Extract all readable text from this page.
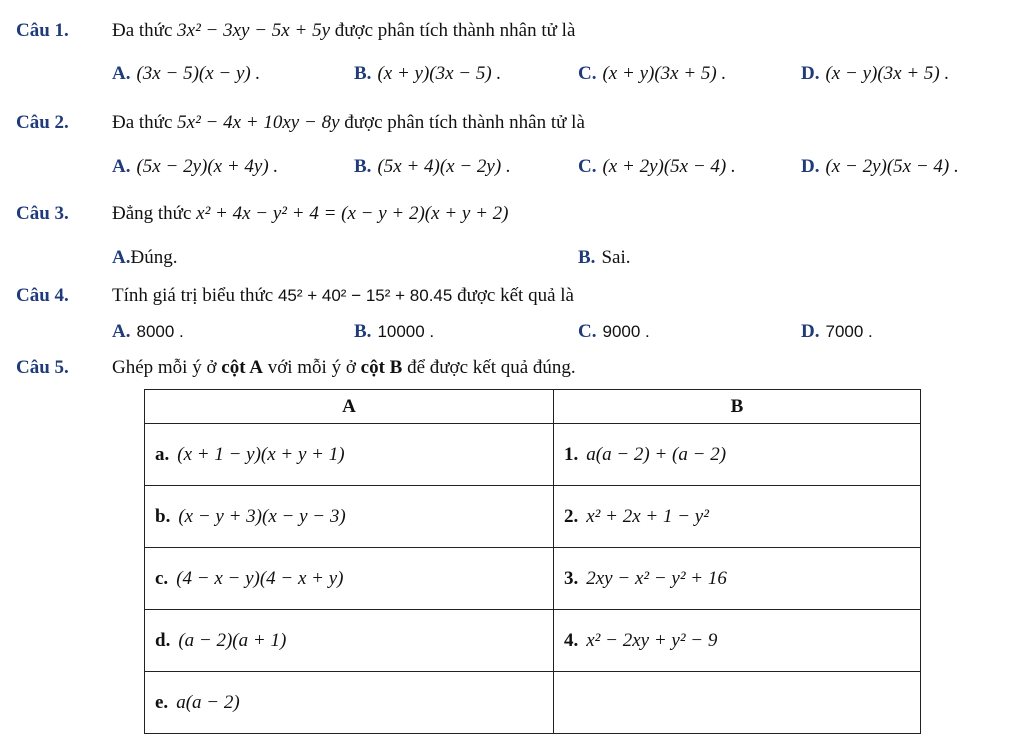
Câu 1. Đa thức 3x² − 3xy − 5x + 5y được phân tích thành nhân tử là
A. (3x − 5)(x − y) .	B. (x + y)(3x − 5) .	C. (x + y)(3x + 5) .	D. (x − y)(3x + 5) .
Câu 2. Đa thức 5x² − 4x + 10xy − 8y được phân tích thành nhân tử là
A. (5x − 2y)(x + 4y) .	B. (5x + 4)(x − 2y) .	C. (x + 2y)(5x − 4) .	D. (x − 2y)(5x − 4) .
Câu 3. Đẳng thức x² + 4x − y² + 4 = (x − y + 2)(x + y + 2)
A.Đúng.	B. Sai.
Câu 4. Tính giá trị biểu thức 45² + 40² − 15² + 80.45 được kết quả là
A. 8000 .	B. 10000 .	C. 9000 .	D. 7000 .
Câu 5. Ghép mỗi ý ở cột A với mỗi ý ở cột B để được kết quả đúng.
A	B
a. (x + 1 − y)(x + y + 1)	1. a(a − 2) + (a − 2)
b. (x − y + 3)(x − y − 3)	2. x² + 2x + 1 − y²
c. (4 − x − y)(4 − x + y)	3. 2xy − x² − y² + 16
d. (a − 2)(a + 1)	4. x² − 2xy + y² − 9
e. a(a − 2)	
